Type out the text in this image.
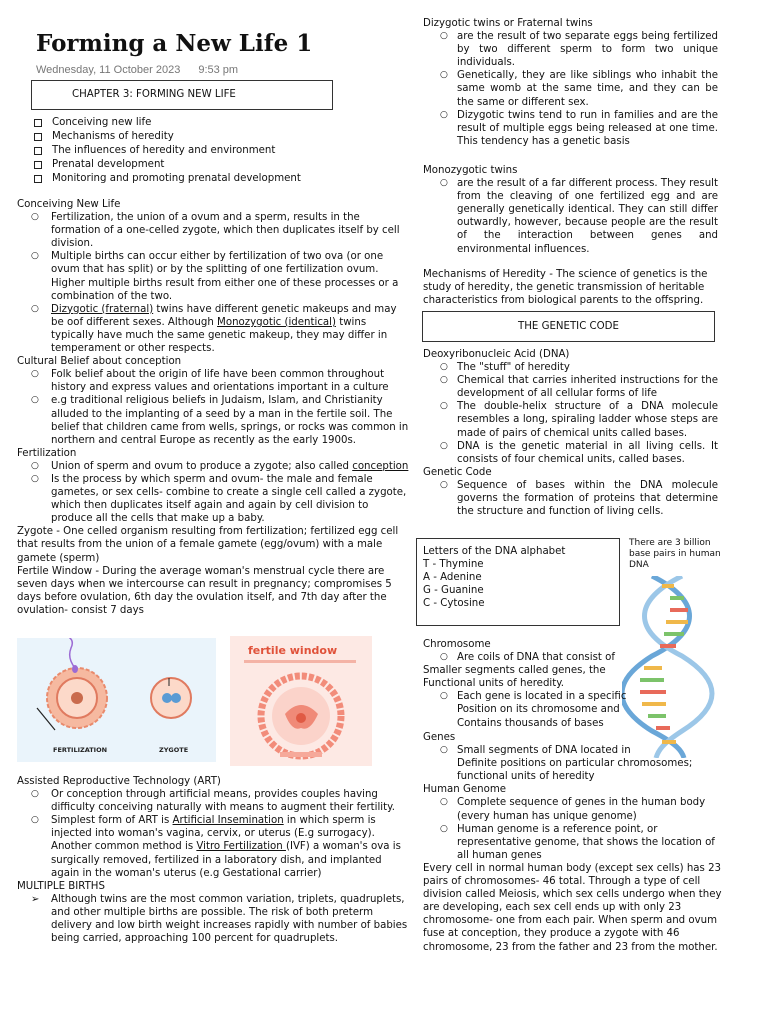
Forming a New Life 1
Wednesday, 11 October 2023 9:53 pm
CHAPTER 3: FORMING NEW LIFE
Conceiving new life
Mechanisms of heredity
The influences of heredity and environment
Prenatal development
Monitoring and promoting prenatal development

Conceiving New Life

○ Fertilization, the union of a ovum and a sperm, results in the formation of a one-celled zygote, which then duplicates itself by cell division.

○ Multiple births can occur either by fertilization of two ova (or one ovum that has split) or by the splitting of one fertilization ovum. Higher multiple births result from either one of these processes or a combination of the two.

○ Dizygotic (fraternal) twins have different genetic makeups and may be oof different sexes. Although Monozygotic (identical) twins typically have much the same genetic makeup, they may differ in temperament or other respects.

Cultural Belief about conception

○ Folk belief about the origin of life have been common throughout history and express values and orientations important in a culture

○ e.g traditional religious beliefs in Judaism, Islam, and Christianity alluded to the implanting of a seed by a man in the fertile soil. The belief that children came from wells, springs, or rocks was common in northern and central Europe as recently as the early 1900s.

Fertilization

○ Union of sperm and ovum to produce a zygote; also called conception

○ Is the process by which sperm and ovum- the male and female gametes, or sex cells- combine to create a single cell called a zygote, which then duplicates itself again and again by cell division to produce all the cells that make up a baby.

Zygote - One celled organism resulting from fertilization; fertilized egg cell that results from the union of a female gamete (egg/ovum) with a male gamete (sperm)

Fertile Window - During the average woman's menstrual cycle there are seven days when we intercourse can result in pregnancy; compromises 5 days before ovulation, 6th day the ovulation itself, and 7th day after the ovulation- consist 7 days

FERTILIZATION	ZYGOTE
fertile window

Assisted Reproductive Technology (ART)

○ Or conception through artificial means, provides couples having difficulty conceiving naturally with means to augment their fertility.

○ Simplest form of ART is Artificial Insemination in which sperm is injected into woman's vagina, cervix, or uterus (E.g surrogacy). Another common method is Vitro Fertilization (IVF) a woman's ova is surgically removed, fertilized in a laboratory dish, and implanted again in the woman's uterus (e.g Gestational carrier)

MULTIPLE BIRTHS

➢ Although twins are the most common variation, triplets, quadruplets, and other multiple births are possible. The risk of both preterm delivery and low birth weight increases rapidly with number of babies being carried, approaching 100 percent for quadruplets.

Dizygotic twins or Fraternal twins

○ are the result of two separate eggs being fertilized by two different sperm to form two unique individuals.

○ Genetically, they are like siblings who inhabit the same womb at the same time, and they can be the same or different sex.

○ Dizygotic twins tend to run in families and are the result of multiple eggs being released at one time. This tendency has a genetic basis

Monozygotic twins

○ are the result of a far different process. They result from the cleaving of one fertilized egg and are generally genetically identical. They can still differ outwardly, however, because people are the result of the interaction between genes and environmental influences.

Mechanisms of Heredity - The science of genetics is the study of heredity, the genetic transmission of heritable characteristics from biological parents to the offspring.
THE GENETIC CODE

Deoxyribonucleic Acid (DNA)

○ The "stuff" of heredity

○ Chemical that carries inherited instructions for the development of all cellular forms of life

○ The double-helix structure of a DNA molecule resembles a long, spiraling ladder whose steps are made of pairs of chemical units called bases.

○ DNA is the genetic material in all living cells. It consists of four chemical units, called bases.

Genetic Code

○ Sequence of bases within the DNA molecule governs the formation of proteins that determine the structure and function of living cells.

Letters of the DNA alphabet
T - Thymine
A - Adenine
G - Guanine
C - Cytosine
There are 3 billion base pairs in human DNA

Chromosome

○ Are coils of DNA that consist of

Smaller segments called genes, the

Functional units of heredity.

○ Each gene is located in a specific

Position on its chromosome and

Contains thousands of bases

Genes

○ Small segments of DNA located in

Definite positions on particular chromosomes;

functional units of heredity

Human Genome

○ Complete sequence of genes in the human body (every human has unique genome)

○ Human genome is a reference point, or representative genome, that shows the location of all human genes

Every cell in normal human body (except sex cells) has 23 pairs of chromosomes- 46 total. Through a type of cell division called Meiosis, which sex cells undergo when they are developing, each sex cell ends up with only 23 chromosome- one from each pair. When sperm and ovum fuse at conception, they produce a zygote with 46 chromosome, 23 from the father and 23 from the mother.
